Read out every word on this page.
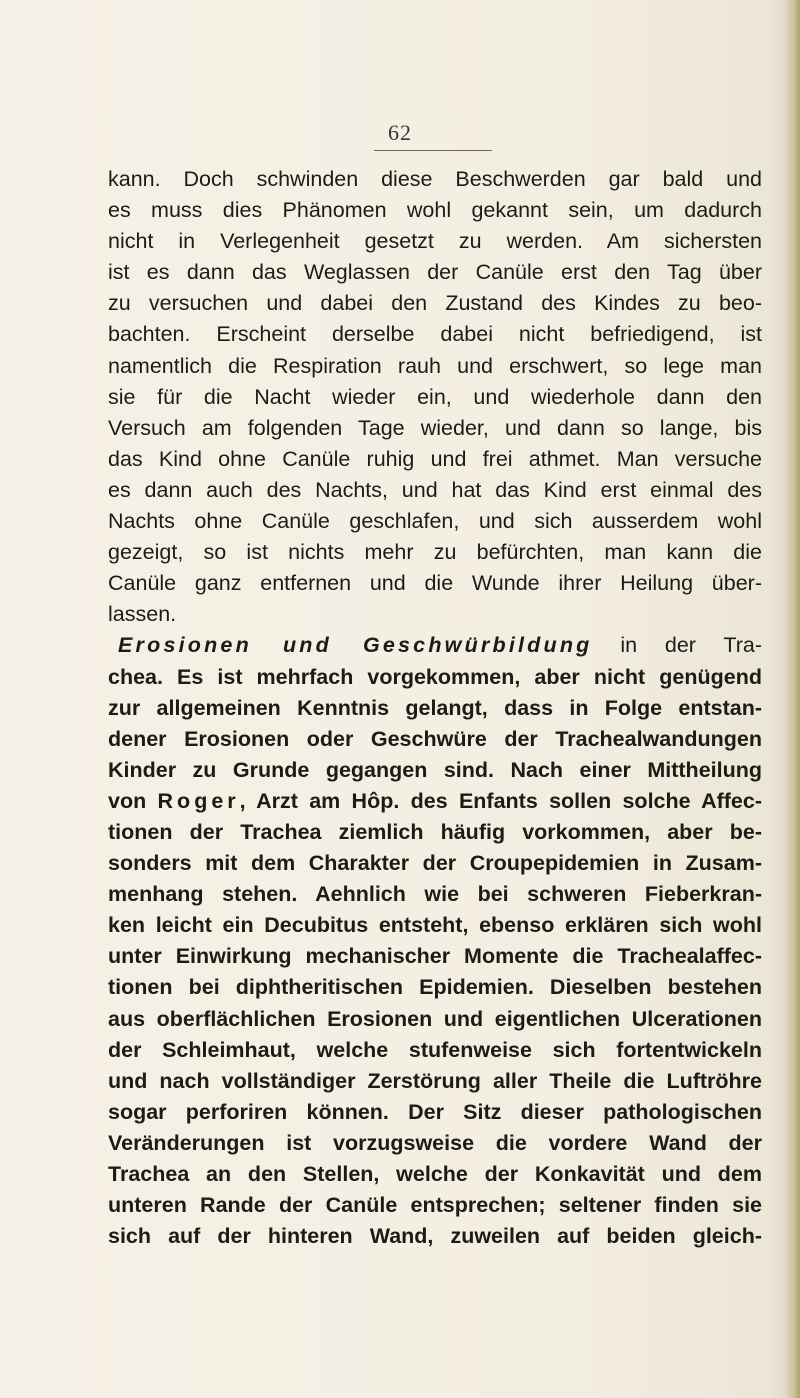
62
kann. Doch schwinden diese Beschwerden gar bald und
es muss dies Phänomen wohl gekannt sein, um dadurch
nicht in Verlegenheit gesetzt zu werden. Am sichersten
ist es dann das Weglassen der Canüle erst den Tag über
zu versuchen und dabei den Zustand des Kindes zu beo-
bachten. Erscheint derselbe dabei nicht befriedigend, ist
namentlich die Respiration rauh und erschwert, so lege man
sie für die Nacht wieder ein, und wiederhole dann den
Versuch am folgenden Tage wieder, und dann so lange, bis
das Kind ohne Canüle ruhig und frei athmet. Man versuche
es dann auch des Nachts, und hat das Kind erst einmal des
Nachts ohne Canüle geschlafen, und sich ausserdem wohl
gezeigt, so ist nichts mehr zu befürchten, man kann die
Canüle ganz entfernen und die Wunde ihrer Heilung über-
lassen.
Erosionen und Geschwürbildung in der Tra-
chea. Es ist mehrfach vorgekommen, aber nicht genügend
zur allgemeinen Kenntnis gelangt, dass in Folge entstan-
dener Erosionen oder Geschwüre der Trachealwandungen
Kinder zu Grunde gegangen sind. Nach einer Mittheilung
von Roger, Arzt am Hôp. des Enfants sollen solche Affec-
tionen der Trachea ziemlich häufig vorkommen, aber be-
sonders mit dem Charakter der Croupepidemien in Zusam-
menhang stehen. Aehnlich wie bei schweren Fieberkran-
ken leicht ein Decubitus entsteht, ebenso erklären sich wohl
unter Einwirkung mechanischer Momente die Trachealaffec-
tionen bei diphtheritischen Epidemien. Dieselben bestehen
aus oberflächlichen Erosionen und eigentlichen Ulcerationen
der Schleimhaut, welche stufenweise sich fortentwickeln
und nach vollständiger Zerstörung aller Theile die Luftröhre
sogar perforiren können. Der Sitz dieser pathologischen
Veränderungen ist vorzugsweise die vordere Wand der
Trachea an den Stellen, welche der Konkavität und dem
unteren Rande der Canüle entsprechen; seltener finden sie
sich auf der hinteren Wand, zuweilen auf beiden gleich-
